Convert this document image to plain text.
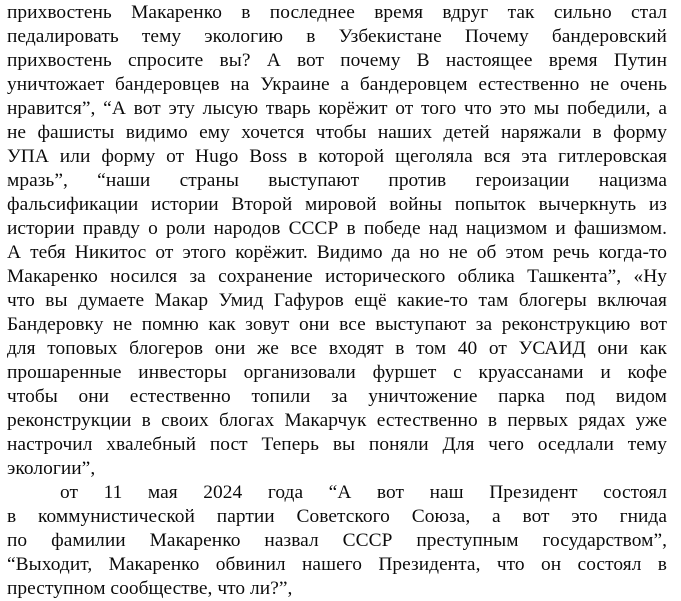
прихвостень Макаренко в последнее время вдруг так сильно стал
педалировать тему экологию в Узбекистане Почему бандеровский
прихвостень спросите вы? А вот почему В настоящее время Путин
уничтожает бандеровцев на Украине а бандеровцем естественно не очень
нравится”, “А вот эту лысую тварь корёжит от того что это мы победили, а
не фашисты видимо ему хочется чтобы наших детей наряжали в форму
УПА или форму от Hugo Boss в которой щеголяла вся эта гитлеровская
мразь”, “наши страны выступают против героизации нацизма
фальсификации истории Второй мировой войны попыток вычеркнуть из
истории правду о роли народов СССР в победе над нацизмом и фашизмом.
А тебя Никитос от этого корёжит. Видимо да но не об этом речь когда-то
Макаренко носился за сохранение исторического облика Ташкента”, «Ну
что вы думаете Макар Умид Гафуров ещё какие-то там блогеры включая
Бандеровку не помню как зовут они все выступают за реконструкцию вот
для топовых блогеров они же все входят в том 40 от УСАИД они как
прошаренные инвесторы организовали фуршет с круассанами и кофе
чтобы они естественно топили за уничтожение парка под видом
реконструкции в своих блогах Макарчук естественно в первых рядах уже
настрочил хвалебный пост Теперь вы поняли Для чего оседлали тему
экологии”,
от 11 мая 2024 года “А вот наш Президент состоял
в коммунистической партии Советского Союза, а вот это гнида
по фамилии Макаренко назвал СССР преступным государством”,
“Выходит, Макаренко обвинил нашего Президента, что он состоял в
преступном сообществе, что ли?”,
